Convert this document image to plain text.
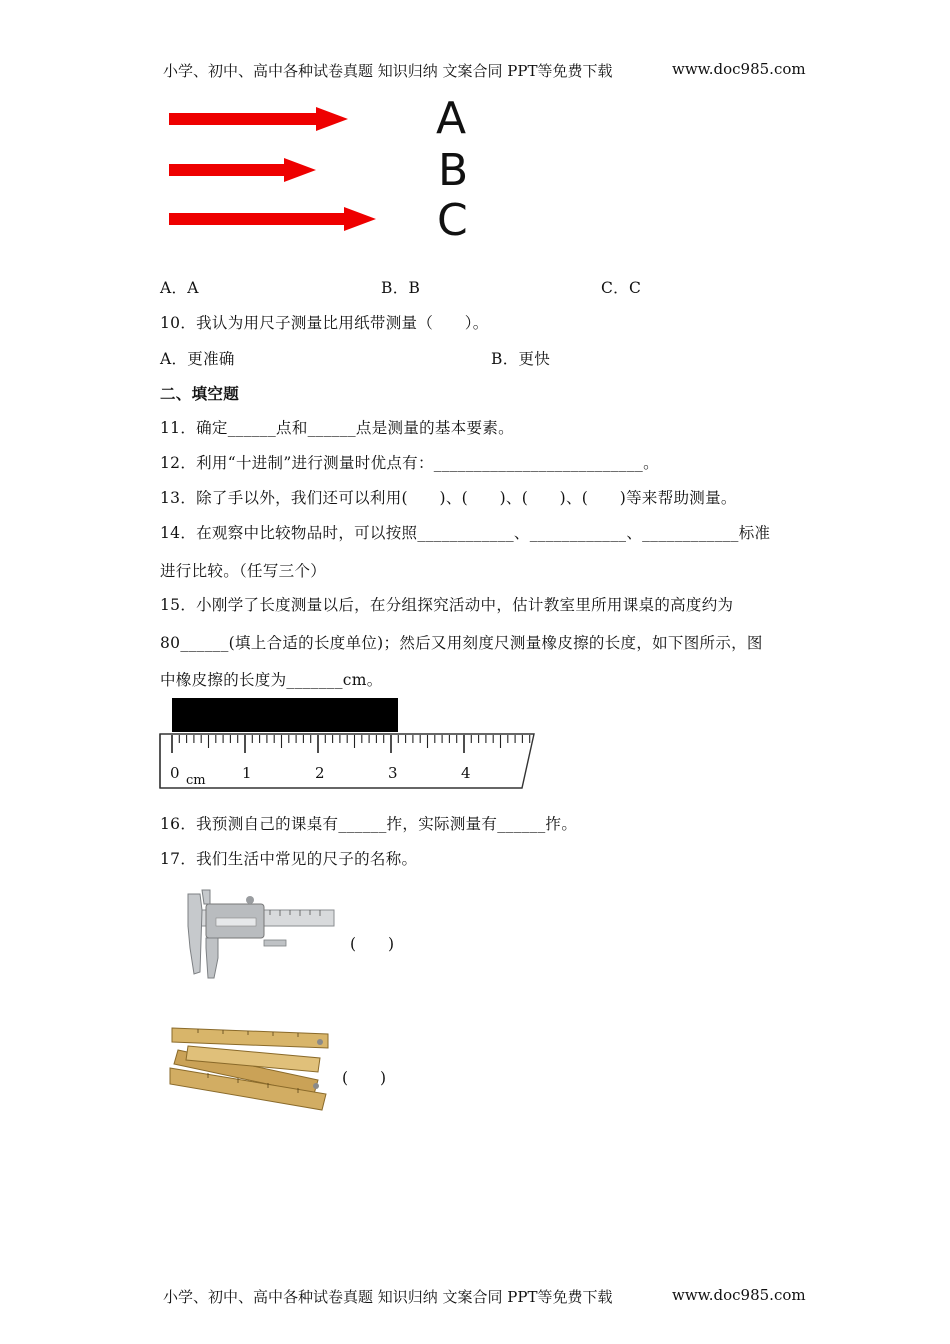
小学、初中、高中各种试卷真题 知识归纳 文案合同 PPT等免费下载	www.doc985.com
A
B
C
A．A	B．B	C．C
10．我认为用尺子测量比用纸带测量（　　）。
A．更准确	B．更快
二、填空题
11．确定______点和______点是测量的基本要素。
12．利用“十进制”进行测量时优点有：__________________________。
13．除了手以外，我们还可以利用(　　)、(　　)、(　　)、(　　)等来帮助测量。
14．在观察中比较物品时，可以按照____________、____________、____________标准
进行比较。（任写三个）
15．小刚学了长度测量以后，在分组探究活动中，估计教室里所用课桌的高度约为
80______(填上合适的长度单位)；然后又用刻度尺测量橡皮擦的长度，如下图所示，图
中橡皮擦的长度为_______cm。
0	1	2	3	4
cm
16．我预测自己的课桌有______拃，实际测量有______拃。
17．我们生活中常见的尺子的名称。
(　　)
(　　)
小学、初中、高中各种试卷真题 知识归纳 文案合同 PPT等免费下载	www.doc985.com
